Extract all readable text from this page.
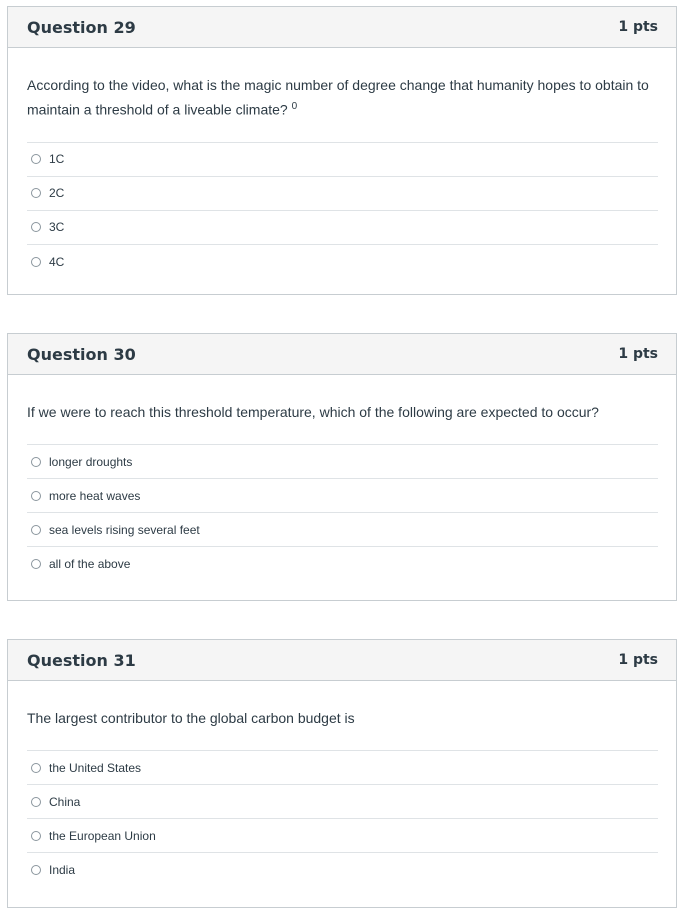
Question 29	1 pts

According to the video, what is the magic number of degree change that humanity hopes to obtain to maintain a threshold of a liveable climate? $^0$

1C
2C
3C
4C
Question 30	1 pts

If we were to reach this threshold temperature, which of the following are expected to occur?

longer droughts
more heat waves
sea levels rising several feet
all of the above
Question 31	1 pts

The largest contributor to the global carbon budget is

the United States
China
the European Union
India
